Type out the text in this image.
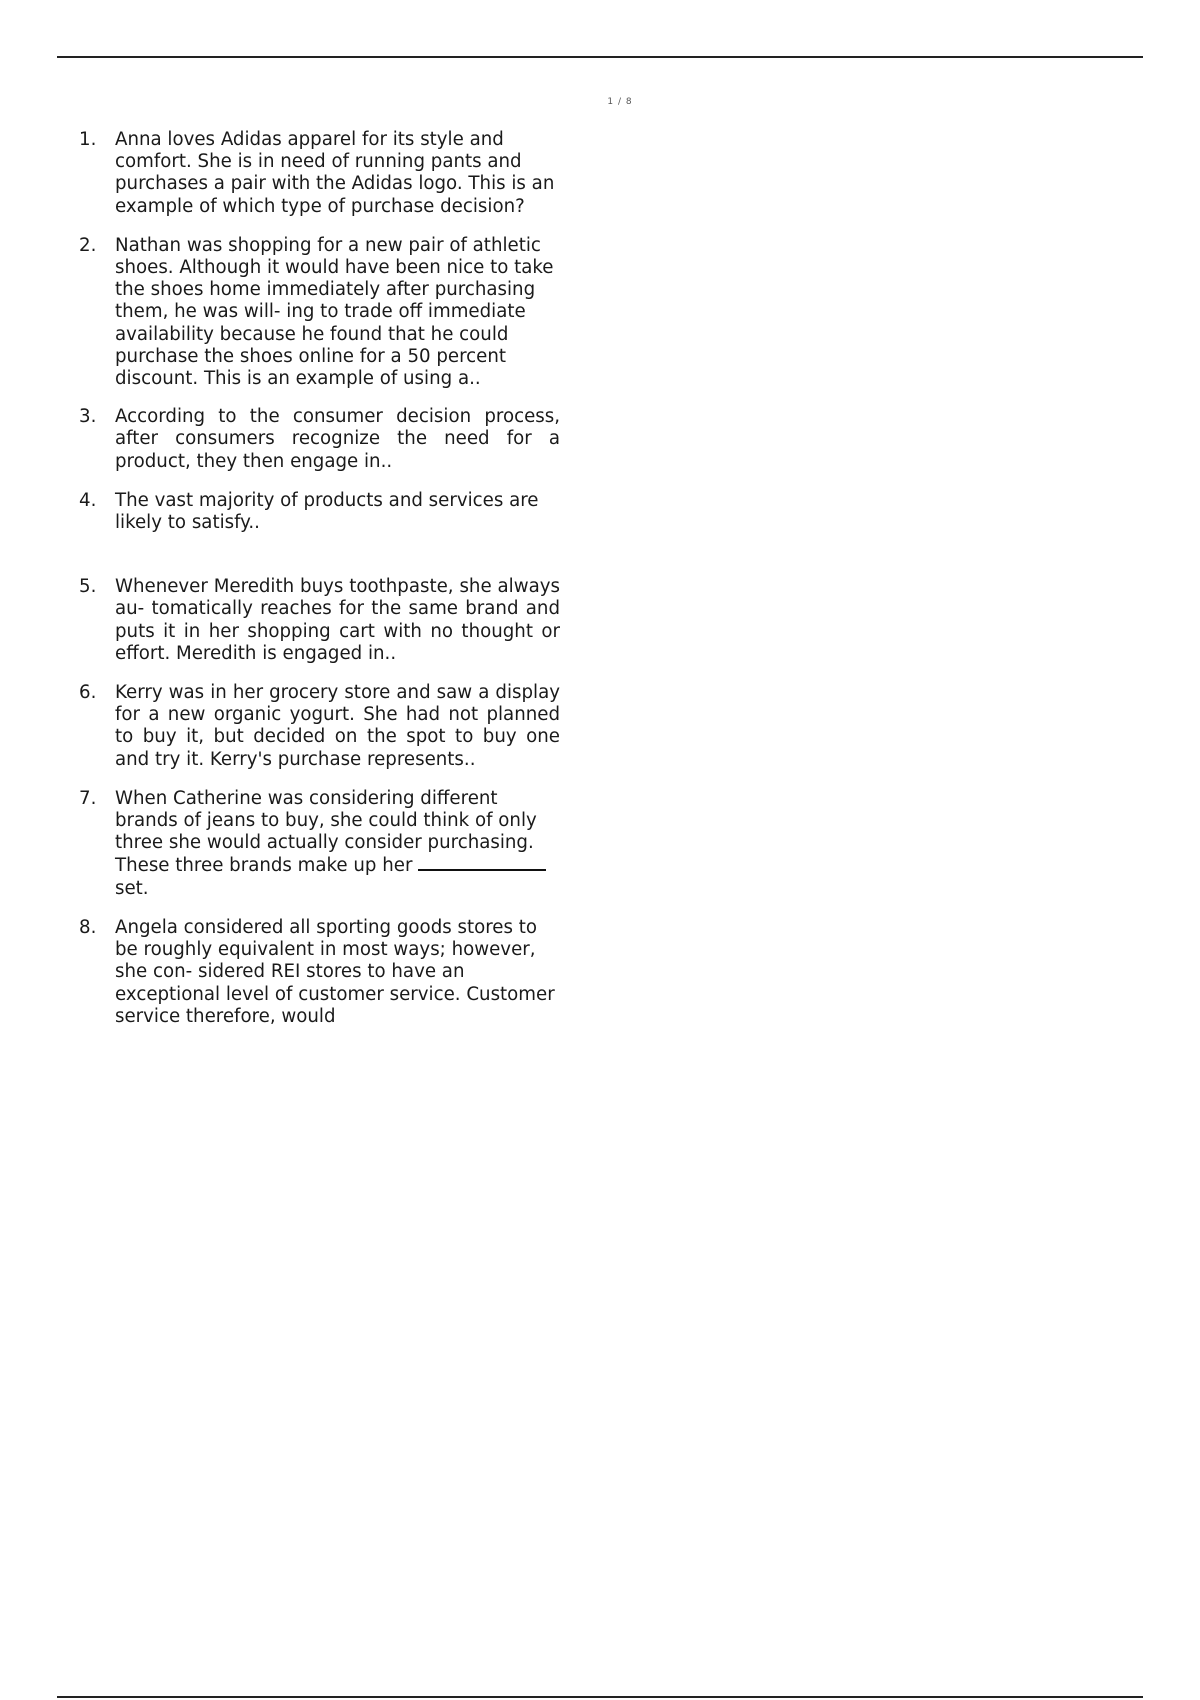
1 / 8
1.	Anna loves Adidas apparel for its style and comfort. She is in need of running pants and purchases a pair with the Adidas logo. This is an example of which type of purchase decision?

2.	Nathan was shopping for a new pair of athletic shoes. Although it would have been nice to take the shoes home immediately after purchasing them, he was will- ing to trade off immediate availability because he found that he could purchase the shoes online for a 50 percent discount. This is an example of using a..

3.	According to the consumer decision process, after consumers recognize the need for a product, they then engage in..

4.	The vast majority of products and services are likely to satisfy..

5.	Whenever Meredith buys toothpaste, she always au- tomatically reaches for the same brand and puts it in her shopping cart with no thought or effort. Meredith is engaged in..

6.	Kerry was in her grocery store and saw a display for a new organic yogurt. She had not planned to buy it, but decided on the spot to buy one and try it. Kerry's purchase represents..

7.	When Catherine was considering different brands of jeans to buy, she could think of only three she would actually consider purchasing. These three brands make up herset.

8.	Angela considered all sporting goods stores to be roughly equivalent in most ways; however, she con- sidered REI stores to have an exceptional level of customer service. Customer service therefore, would
